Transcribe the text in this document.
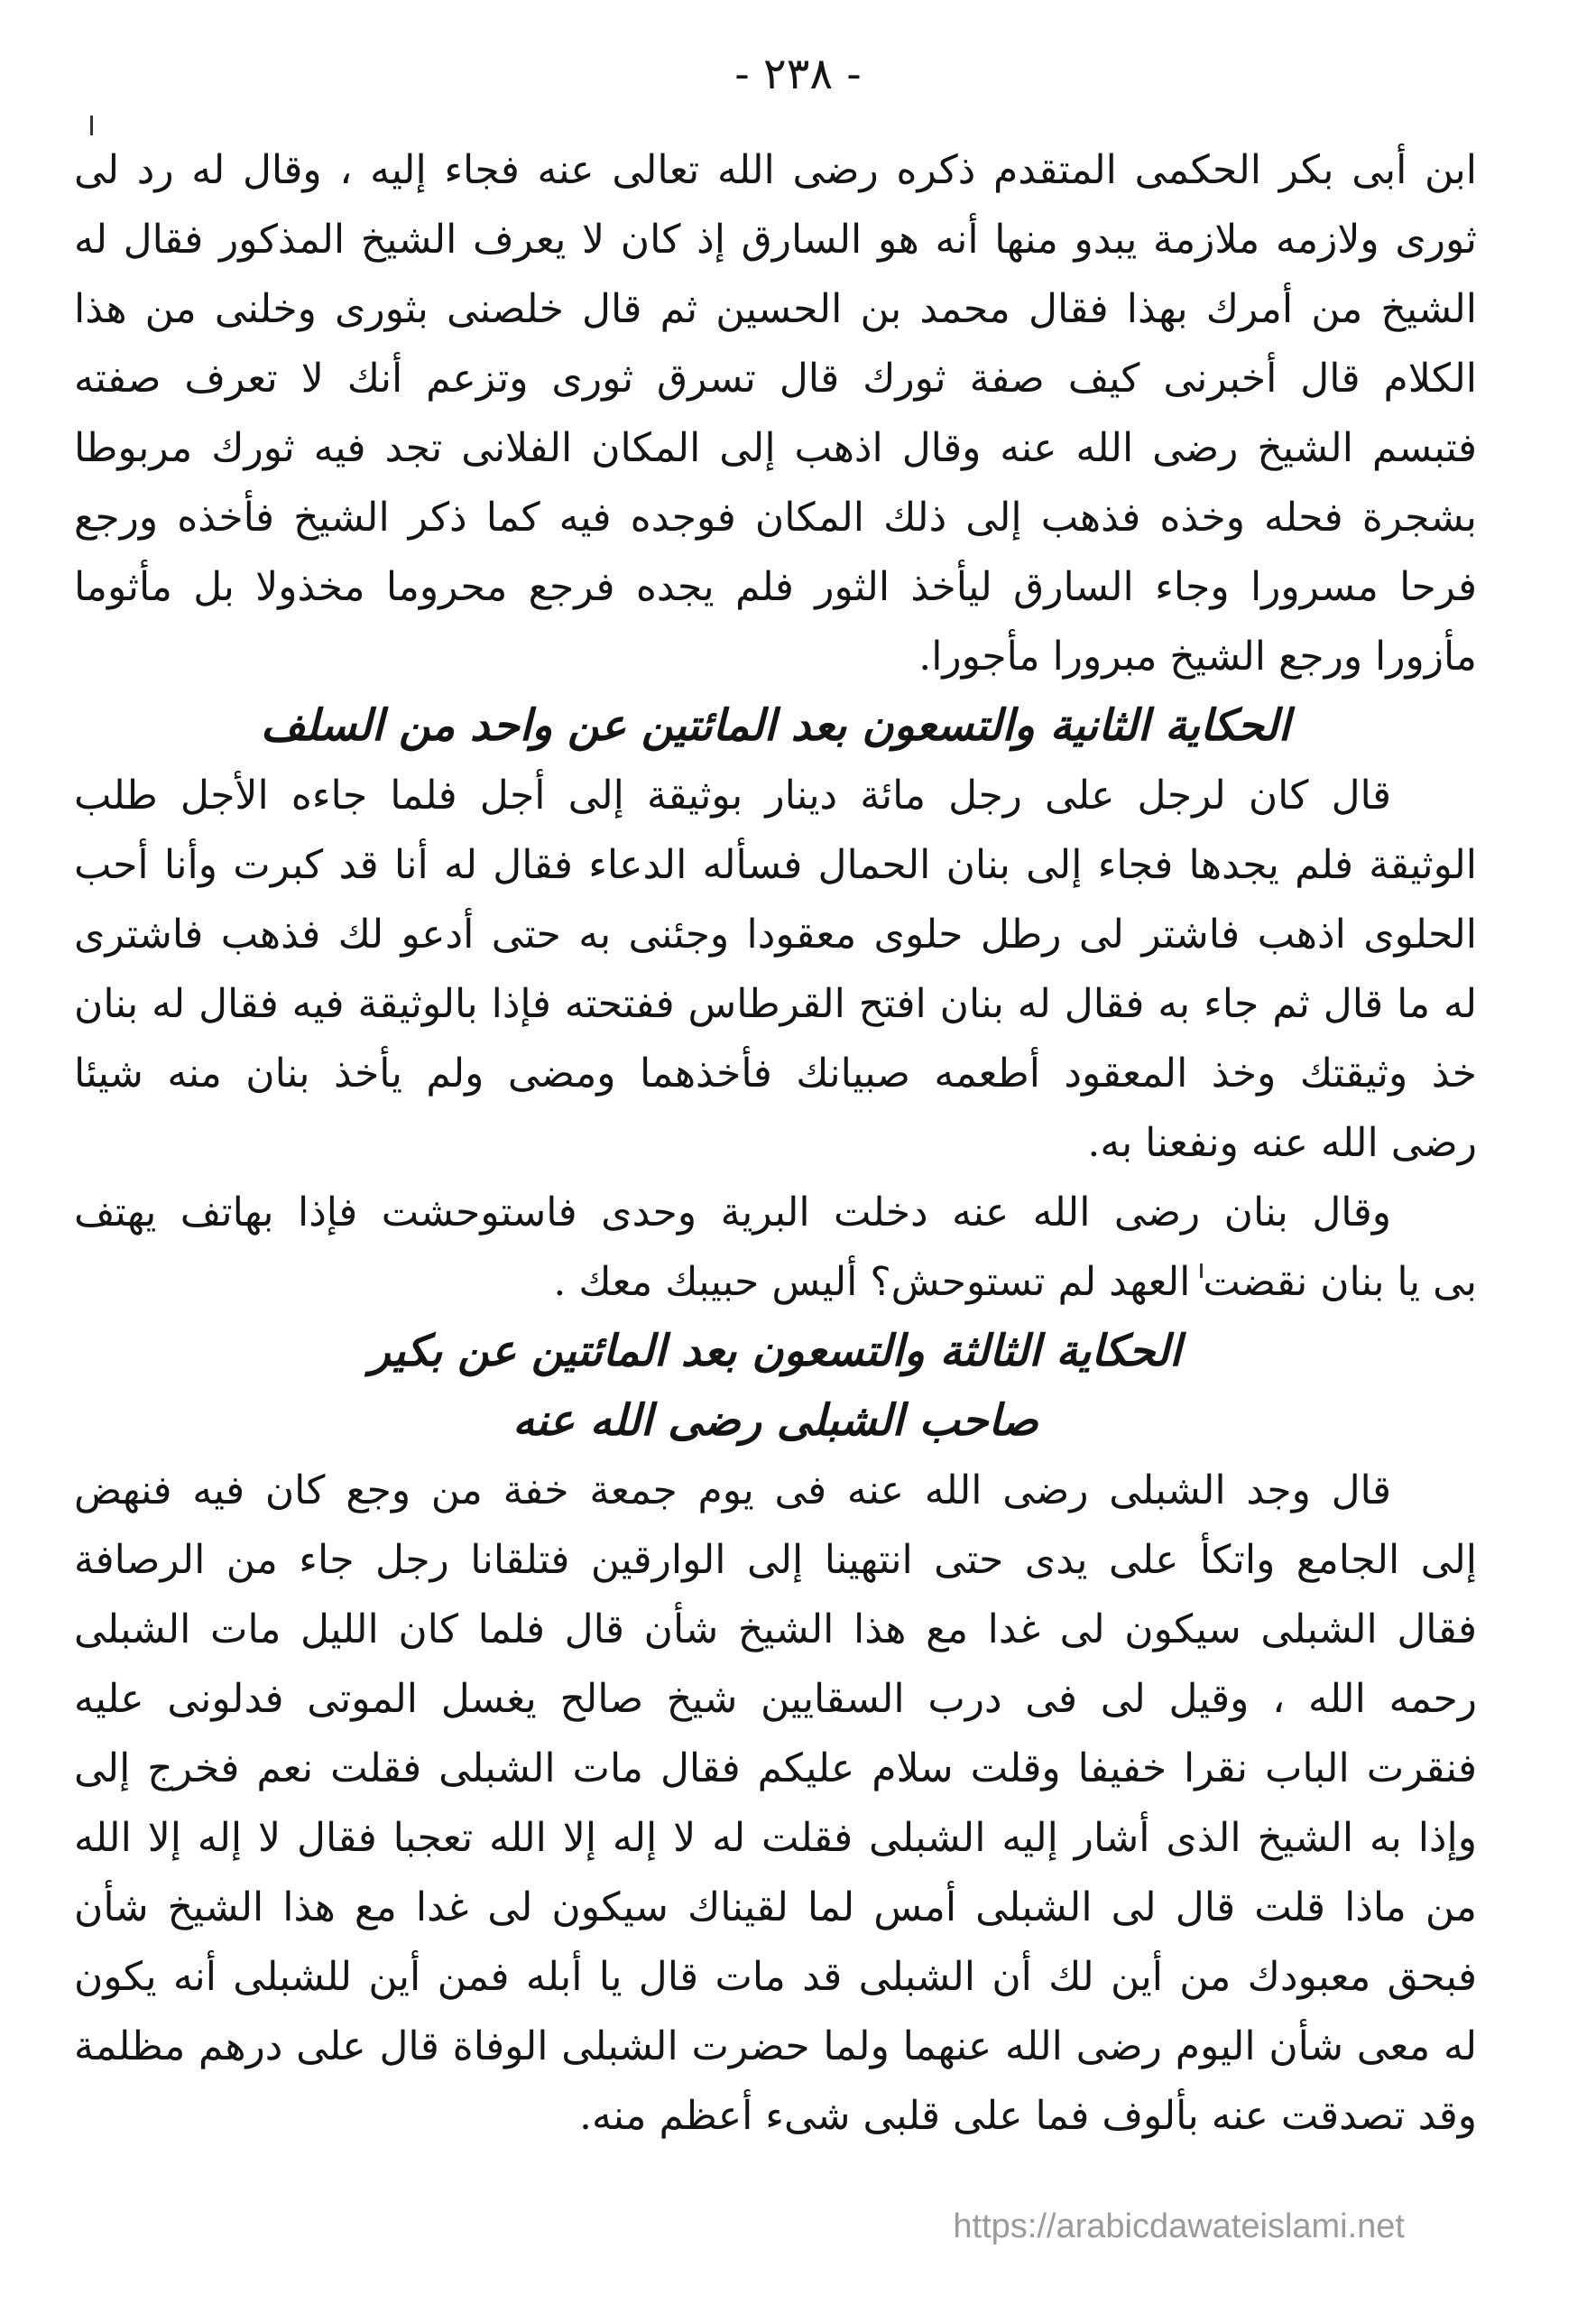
- ٢٣٨ -
ابن أبى بكر الحكمى المتقدم ذكره رضى الله تعالى عنه فجاء إليه ، وقال له رد لى
ثورى ولازمه ملازمة يبدو منها أنه هو السارق إذ كان لا يعرف الشيخ المذكور فقال له
الشيخ من أمرك بهذا فقال محمد بن الحسين ثم قال خلصنى بثورى وخلنى من هذا
الكلام قال أخبرنى كيف صفة ثورك قال تسرق ثورى وتزعم أنك لا تعرف صفته
فتبسم الشيخ رضى الله عنه وقال اذهب إلى المكان الفلانى تجد فيه ثورك مربوطا
بشجرة فحله وخذه فذهب إلى ذلك المكان فوجده فيه كما ذكر الشيخ فأخذه ورجع
فرحا مسرورا وجاء السارق ليأخذ الثور فلم يجده فرجع محروما مخذولا بل مأثوما
مأزورا ورجع الشيخ مبرورا مأجورا.
الحكاية الثانية والتسعون بعد المائتين عن واحد من السلف
قال كان لرجل على رجل مائة دينار بوثيقة إلى أجل فلما جاءه الأجل طلب
الوثيقة فلم يجدها فجاء إلى بنان الحمال فسأله الدعاء فقال له أنا قد كبرت وأنا أحب
الحلوى اذهب فاشتر لى رطل حلوى معقودا وجئنى به حتى أدعو لك فذهب فاشترى
له ما قال ثم جاء به فقال له بنان افتح القرطاس ففتحته فإذا بالوثيقة فيه فقال له بنان
خذ وثيقتك وخذ المعقود أطعمه صبيانك فأخذهما ومضى ولم يأخذ بنان منه شيئا
رضى الله عنه ونفعنا به.
وقال بنان رضى الله عنه دخلت البرية وحدى فاستوحشت فإذا بهاتف يهتف
بى يا بنان نقضت العهد لم تستوحش؟ أليس حبيبك معك .
الحكاية الثالثة والتسعون بعد المائتين عن بكير
صاحب الشبلى رضى الله عنه
قال وجد الشبلى رضى الله عنه فى يوم جمعة خفة من وجع كان فيه فنهض
إلى الجامع واتكأ على يدى حتى انتهينا إلى الوارقين فتلقانا رجل جاء من الرصافة
فقال الشبلى سيكون لى غدا مع هذا الشيخ شأن قال فلما كان الليل مات الشبلى
رحمه الله ، وقيل لى فى درب السقايين شيخ صالح يغسل الموتى فدلونى عليه
فنقرت الباب نقرا خفيفا وقلت سلام عليكم فقال مات الشبلى فقلت نعم فخرج إلى
وإذا به الشيخ الذى أشار إليه الشبلى فقلت له لا إله إلا الله تعجبا فقال لا إله إلا الله
من ماذا قلت قال لى الشبلى أمس لما لقيناك سيكون لى غدا مع هذا الشيخ شأن
فبحق معبودك من أين لك أن الشبلى قد مات قال يا أبله فمن أين للشبلى أنه يكون
له معى شأن اليوم رضى الله عنهما ولما حضرت الشبلى الوفاة قال على درهم مظلمة
وقد تصدقت عنه بألوف فما على قلبى شىء أعظم منه.
https://arabicdawateislami.net
